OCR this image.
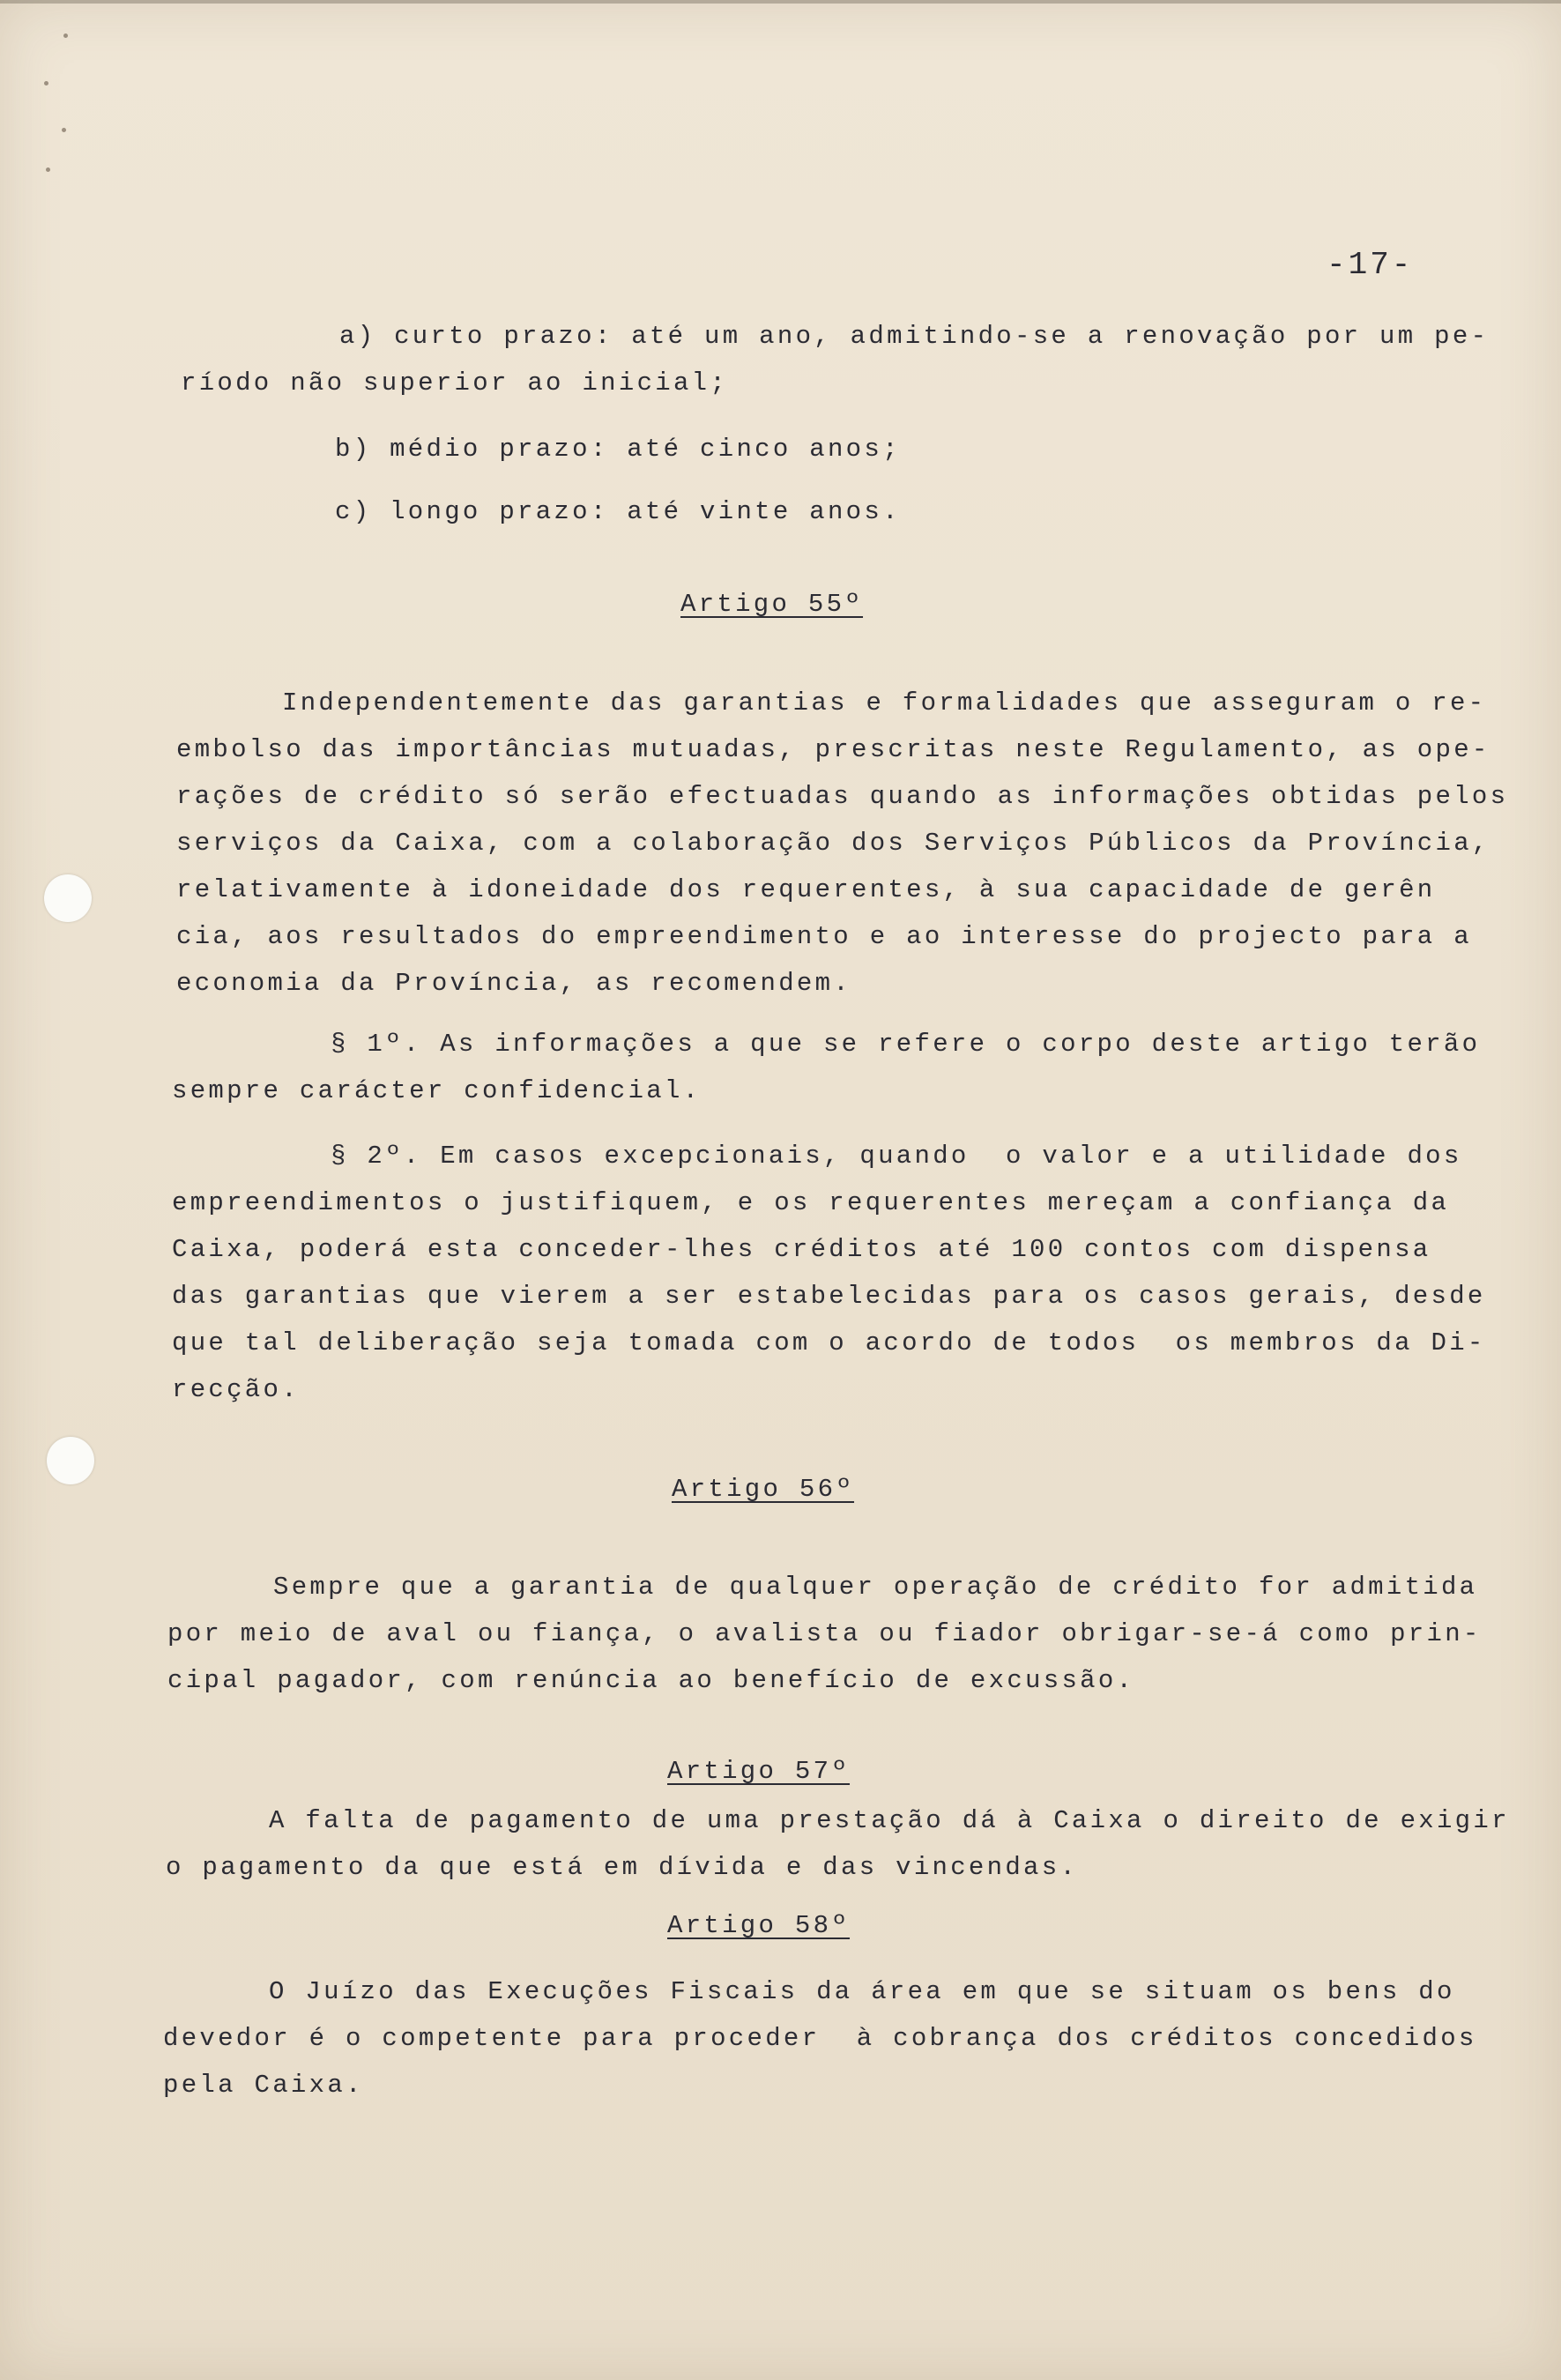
-17-
a) curto prazo: até um ano, admitindo-se a renovação por um pe-
ríodo não superior ao inicial;
b) médio prazo: até cinco anos;
c) longo prazo: até vinte anos.
Artigo 55º
Independentemente das garantias e formalidades que asseguram o re-
embolso das importâncias mutuadas, prescritas neste Regulamento, as ope-
rações de crédito só serão efectuadas quando as informações obtidas pelos
serviços da Caixa, com a colaboração dos Serviços Públicos da Província,
relativamente à idoneidade dos requerentes, à sua capacidade de gerên
cia, aos resultados do empreendimento e ao interesse do projecto para a
economia da Província, as recomendem.
§ 1º. As informações a que se refere o corpo deste artigo terão
sempre carácter confidencial.
§ 2º. Em casos excepcionais, quando  o valor e a utilidade dos
empreendimentos o justifiquem, e os requerentes mereçam a confiança da
Caixa, poderá esta conceder-lhes créditos até 100 contos com dispensa
das garantias que vierem a ser estabelecidas para os casos gerais, desde
que tal deliberação seja tomada com o acordo de todos  os membros da Di-
recção.
Artigo 56º
Sempre que a garantia de qualquer operação de crédito for admitida
por meio de aval ou fiança, o avalista ou fiador obrigar-se-á como prin-
cipal pagador, com renúncia ao benefício de excussão.
Artigo 57º
A falta de pagamento de uma prestação dá à Caixa o direito de exigir
o pagamento da que está em dívida e das vincendas.
Artigo 58º
O Juízo das Execuções Fiscais da área em que se situam os bens do
devedor é o competente para proceder  à cobrança dos créditos concedidos
pela Caixa.
